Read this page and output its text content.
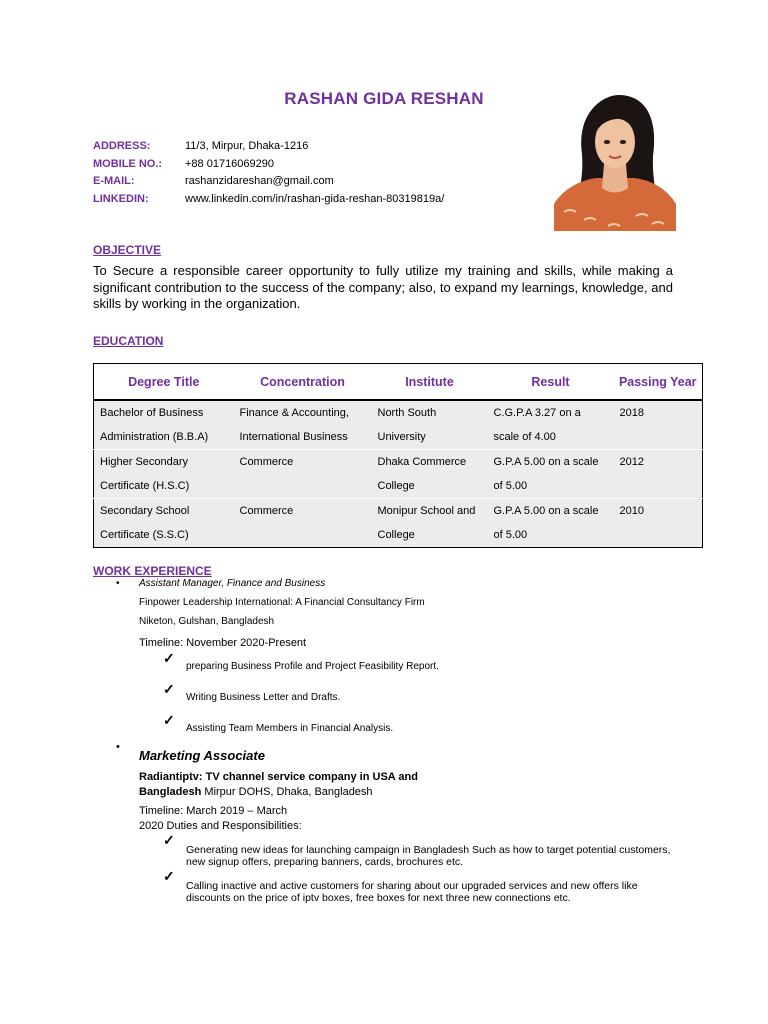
RASHAN GIDA RESHAN
ADDRESS:	11/3, Mirpur, Dhaka-1216
MOBILE NO.:	+88 01716069290
E-MAIL:	rashanzidareshan@gmail.com
LINKEDIN:	www.linkedin.com/in/rashan-gida-reshan-80319819a/
OBJECTIVE
To Secure a responsible career opportunity to fully utilize my training and skills, while making a significant contribution to the success of the company; also, to expand my learnings, knowledge, and skills by working in the organization.
EDUCATION
Degree Title	Concentration	Institute	Result	Passing Year
Bachelor of Business Administration (B.B.A)	Finance & Accounting, International Business	North South University	C.G.P.A 3.27 on a scale of 4.00	2018
Higher Secondary Certificate (H.S.C)	Commerce	Dhaka Commerce College	G.P.A 5.00 on a scale of 5.00	2012
Secondary School Certificate (S.S.C)	Commerce	Monipur School and College	G.P.A 5.00 on a scale of 5.00	2010
WORK EXPERIENCE
• Assistant Manager, Finance and Business
Finpower Leadership International: A Financial Consultancy Firm
Niketon, Gulshan, Bangladesh
Timeline: November 2020-Present
✓
preparing Business Profile and Project Feasibility Report.
✓
Writing Business Letter and Drafts.
✓
Assisting Team Members in Financial Analysis.
•
Marketing Associate
Radiantiptv: TV channel service company in USA and
Bangladesh Mirpur DOHS, Dhaka, Bangladesh
Timeline: March 2019 – March
2020 Duties and Responsibilities:
✓
Generating new ideas for launching campaign in Bangladesh Such as how to target potential customers, new signup offers, preparing banners, cards, brochures etc.
✓
Calling inactive and active customers for sharing about our upgraded services and new offers like discounts on the price of iptv boxes, free boxes for next three new connections etc.
